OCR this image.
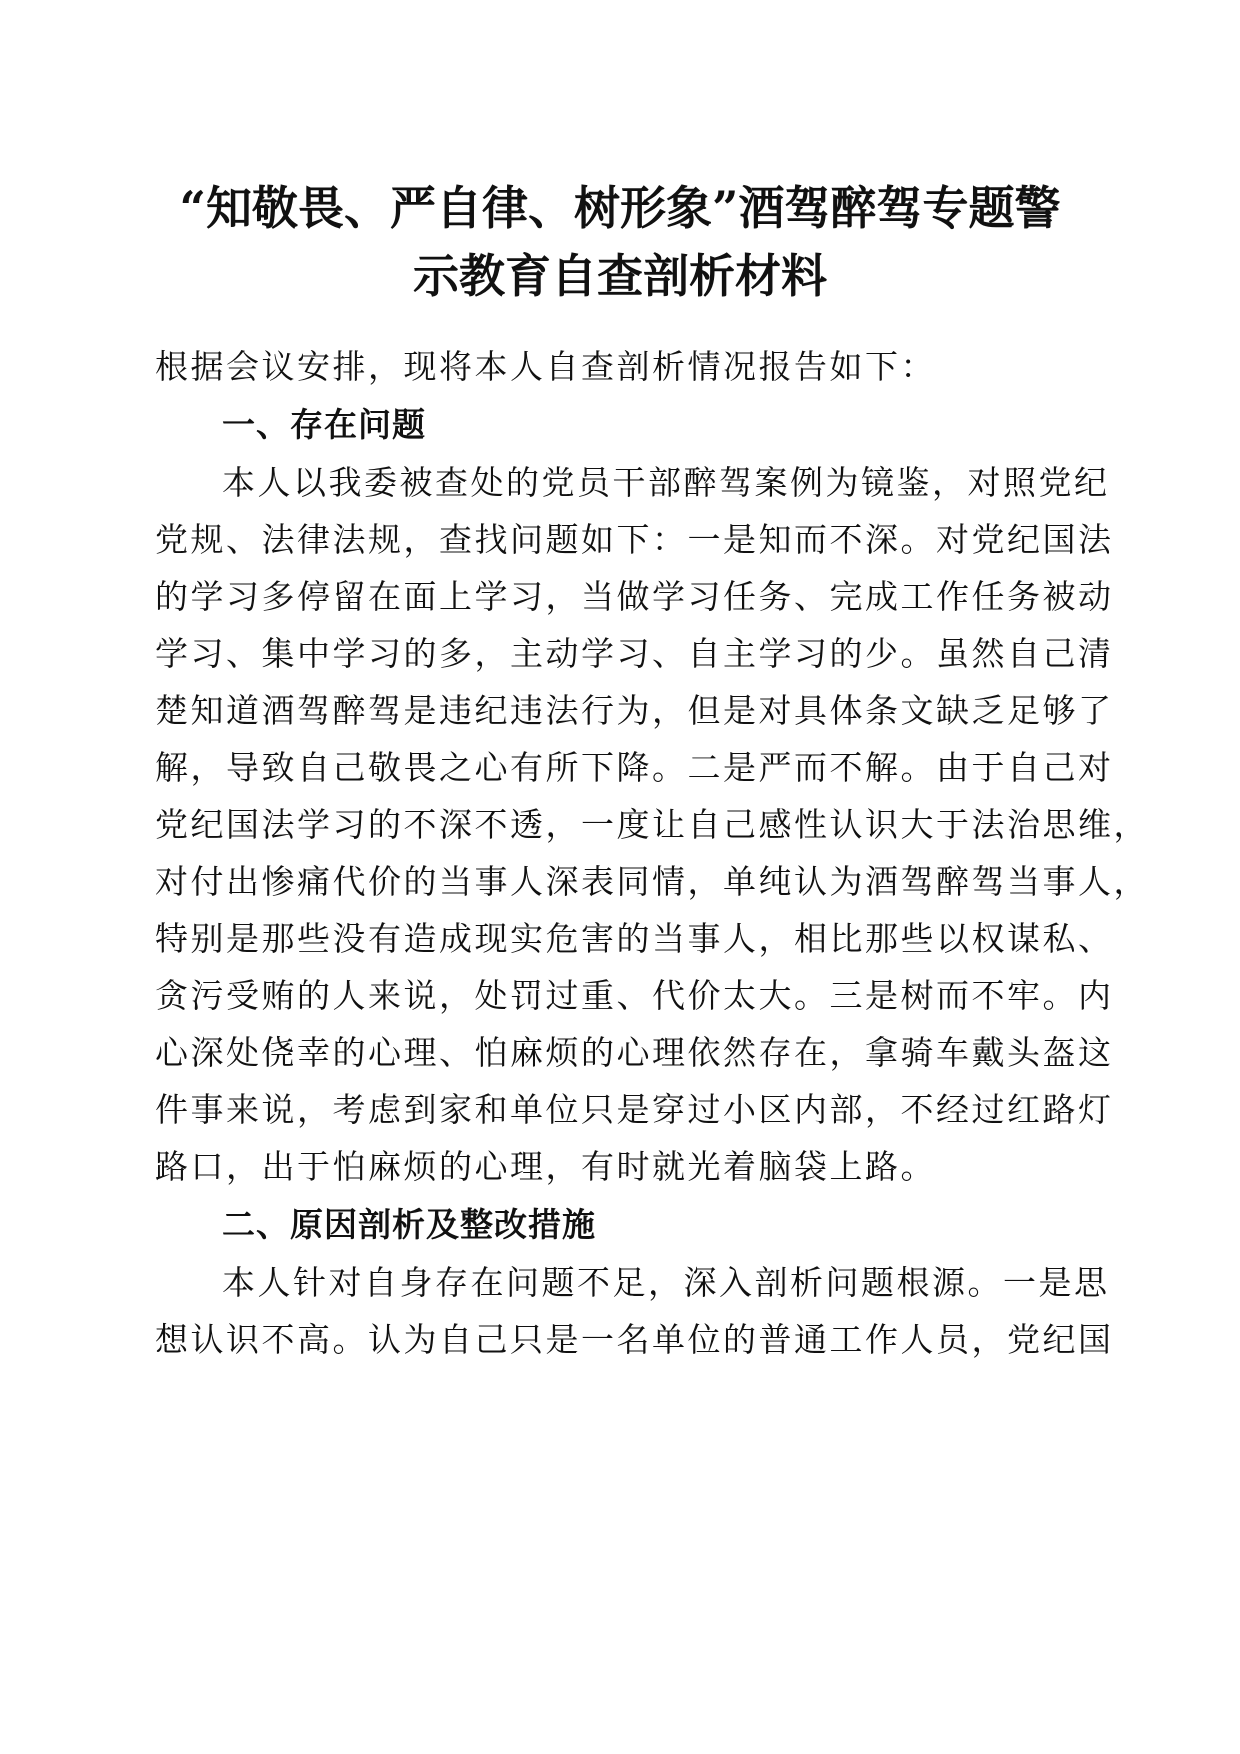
“知敬畏、严自律、树形象”酒驾醉驾专题警
示教育自查剖析材料
根据会议安排，现将本人自查剖析情况报告如下：
一、存在问题
本人以我委被查处的党员干部醉驾案例为镜鉴，对照党纪
党规、法律法规，查找问题如下：一是知而不深。对党纪国法
的学习多停留在面上学习，当做学习任务、完成工作任务被动
学习、集中学习的多，主动学习、自主学习的少。虽然自己清
楚知道酒驾醉驾是违纪违法行为，但是对具体条文缺乏足够了
解，导致自己敬畏之心有所下降。二是严而不解。由于自己对
党纪国法学习的不深不透，一度让自己感性认识大于法治思维，
对付出惨痛代价的当事人深表同情，单纯认为酒驾醉驾当事人，
特别是那些没有造成现实危害的当事人，相比那些以权谋私、
贪污受贿的人来说，处罚过重、代价太大。三是树而不牢。内
心深处侥幸的心理、怕麻烦的心理依然存在，拿骑车戴头盔这
件事来说，考虑到家和单位只是穿过小区内部，不经过红路灯
路口，出于怕麻烦的心理，有时就光着脑袋上路。
二、原因剖析及整改措施
本人针对自身存在问题不足，深入剖析问题根源。一是思
想认识不高。认为自己只是一名单位的普通工作人员，党纪国
